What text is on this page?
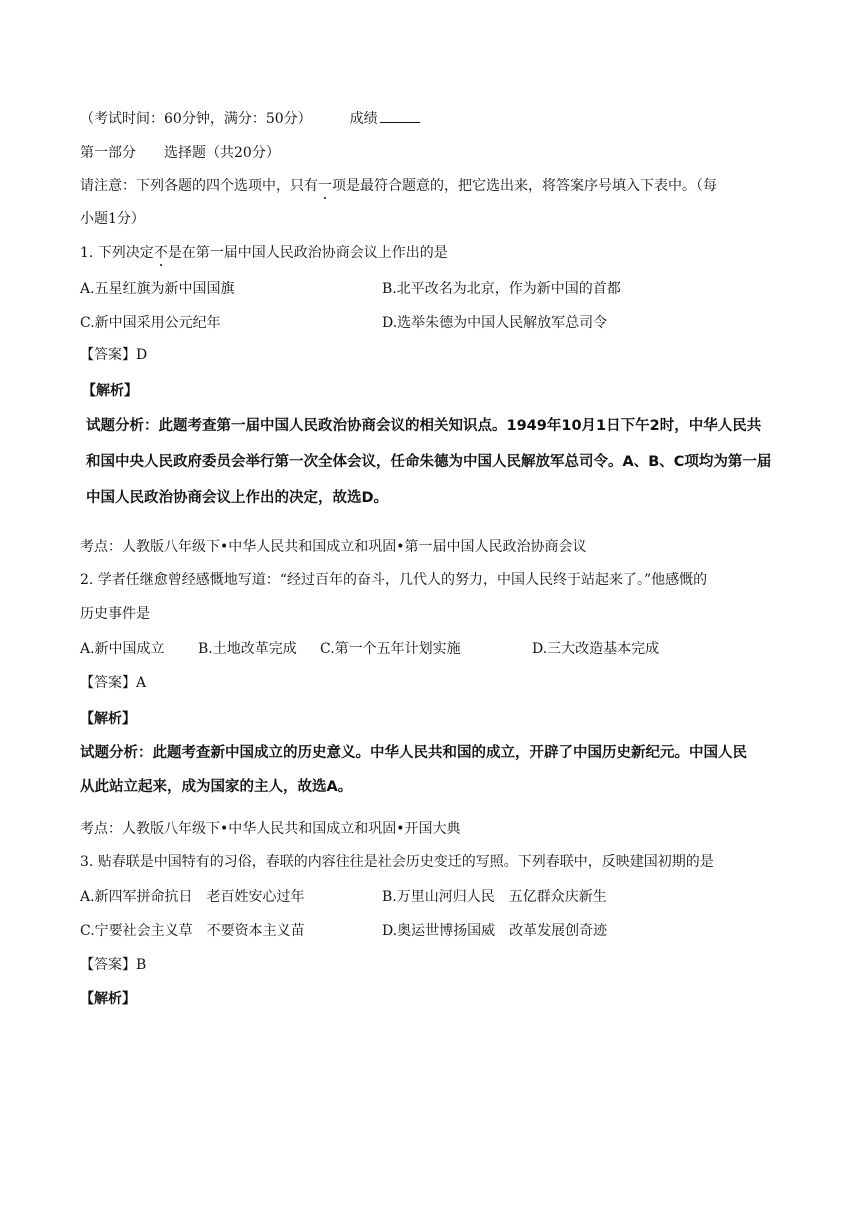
（考试时间：60分钟，满分：50分）	成绩
第一部分 选择题（共20分）
请注意：下列各题的四个选项中，只有一项是最符合题意的，把它选出来，将答案序号填入下表中。（每
小题1分）
1. 下列决定不是在第一届中国人民政治协商会议上作出的是
A.五星红旗为新中国国旗	B.北平改名为北京，作为新中国的首都
C.新中国采用公元纪年	D.选举朱德为中国人民解放军总司令
【答案】D
【解析】
试题分析：此题考查第一届中国人民政治协商会议的相关知识点。1949年10月1日下午2时，中华人民共
和国中央人民政府委员会举行第一次全体会议，任命朱德为中国人民解放军总司令。A、B、C项均为第一届
中国人民政治协商会议上作出的决定，故选D。
考点：人教版八年级下•中华人民共和国成立和巩固•第一届中国人民政治协商会议
2. 学者任继愈曾经感慨地写道：“经过百年的奋斗，几代人的努力，中国人民终于站起来了。”他感慨的
历史事件是
A.新中国成立 B.土地改革完成 C.第一个五年计划实施	D.三大改造基本完成
【答案】A
【解析】
试题分析：此题考查新中国成立的历史意义。中华人民共和国的成立，开辟了中国历史新纪元。中国人民
从此站立起来，成为国家的主人，故选A。
考点：人教版八年级下•中华人民共和国成立和巩固•开国大典
3. 贴春联是中国特有的习俗，春联的内容往往是社会历史变迁的写照。下列春联中，反映建国初期的是
A.新四军拼命抗日　老百姓安心过年	B.万里山河归人民　五亿群众庆新生
C.宁要社会主义草　不要资本主义苗	D.奥运世博扬国威　改革发展创奇迹
【答案】B
【解析】
